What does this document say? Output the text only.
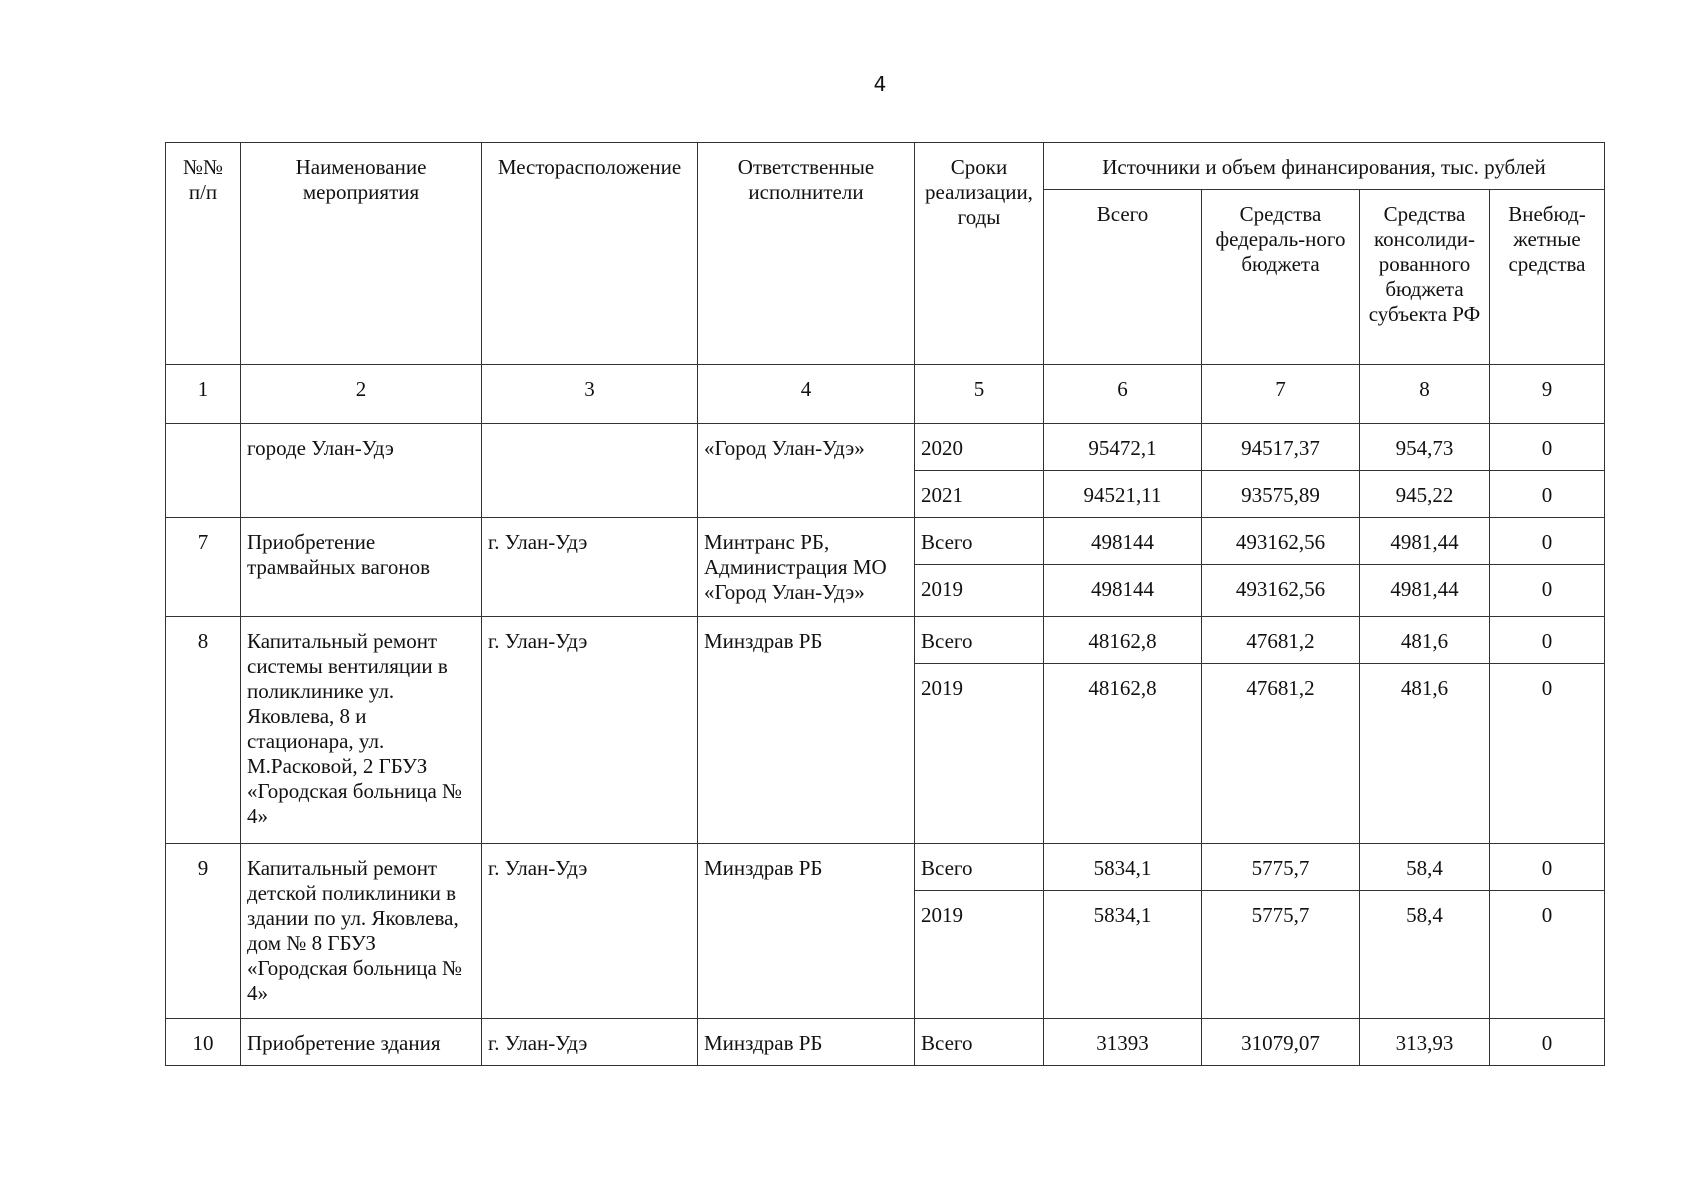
4
№№ п/п	Наименование мероприятия	Месторасположение	Ответственные исполнители	Сроки реализации, годы	Источники и объем финансирования, тыс. рублей			
					Всего	Средства федераль-ного бюджета	Средства консолиди-рованного бюджета субъекта РФ	Внебюд-жетные средства
1	2	3	4	5	6	7	8	9
	городе Улан-Удэ		«Город Улан-Удэ»	2020	95472,1	94517,37	954,73	0
				2021	94521,11	93575,89	945,22	0
7	Приобретение трамвайных вагонов	г. Улан-Удэ	Минтранс РБ, Администрация МО «Город Улан-Удэ»	Всего	498144	493162,56	4981,44	0
				2019	498144	493162,56	4981,44	0
8	Капитальный ремонт системы вентиляции в поликлинике ул. Яковлева, 8 и стационара, ул. М.Расковой, 2 ГБУЗ «Городская больница № 4»	г. Улан-Удэ	Минздрав РБ	Всего	48162,8	47681,2	481,6	0
				2019	48162,8	47681,2	481,6	0
9	Капитальный ремонт детской поликлиники в здании по ул. Яковлева, дом № 8 ГБУЗ «Городская больница № 4»	г. Улан-Удэ	Минздрав РБ	Всего	5834,1	5775,7	58,4	0
				2019	5834,1	5775,7	58,4	0
10	Приобретение здания	г. Улан-Удэ	Минздрав РБ	Всего	31393	31079,07	313,93	0
